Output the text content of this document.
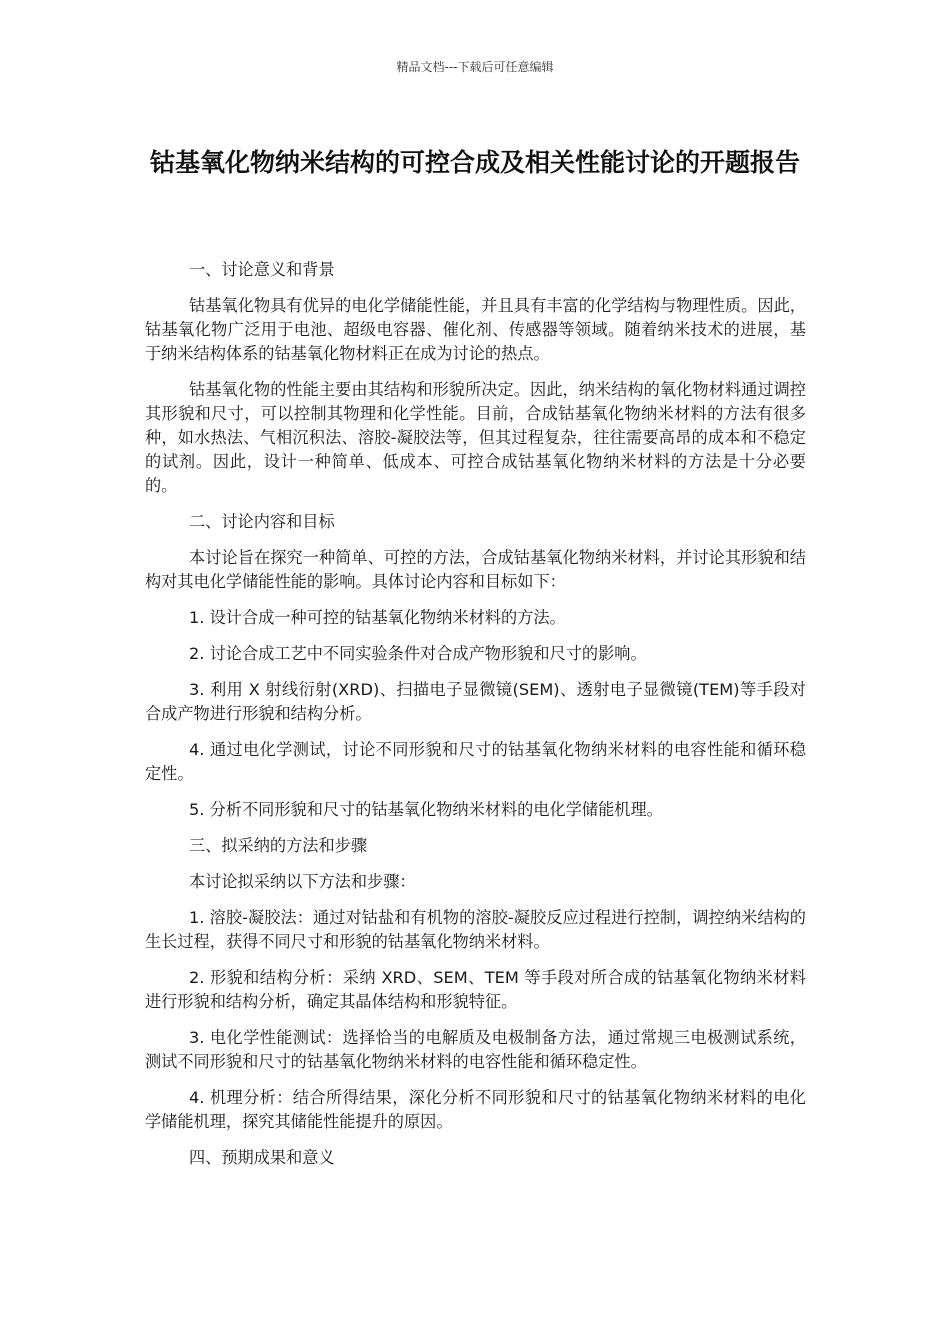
精品文档---下载后可任意编辑
钴基氧化物纳米结构的可控合成及相关性能讨论的开题报告

一、讨论意义和背景

钴基氧化物具有优异的电化学储能性能，并且具有丰富的化学结构与物理性质。因此，钴基氧化物广泛用于电池、超级电容器、催化剂、传感器等领域。随着纳米技术的进展，基于纳米结构体系的钴基氧化物材料正在成为讨论的热点。

钴基氧化物的性能主要由其结构和形貌所决定。因此，纳米结构的氧化物材料通过调控其形貌和尺寸，可以控制其物理和化学性能。目前，合成钴基氧化物纳米材料的方法有很多种，如水热法、气相沉积法、溶胶-凝胶法等，但其过程复杂，往往需要高昂的成本和不稳定的试剂。因此，设计一种简单、低成本、可控合成钴基氧化物纳米材料的方法是十分必要的。

二、讨论内容和目标

本讨论旨在探究一种简单、可控的方法，合成钴基氧化物纳米材料，并讨论其形貌和结构对其电化学储能性能的影响。具体讨论内容和目标如下：

1. 设计合成一种可控的钴基氧化物纳米材料的方法。

2. 讨论合成工艺中不同实验条件对合成产物形貌和尺寸的影响。

3. 利用 X 射线衍射(XRD)、扫描电子显微镜(SEM)、透射电子显微镜(TEM)等手段对合成产物进行形貌和结构分析。

4. 通过电化学测试，讨论不同形貌和尺寸的钴基氧化物纳米材料的电容性能和循环稳定性。

5. 分析不同形貌和尺寸的钴基氧化物纳米材料的电化学储能机理。

三、拟采纳的方法和步骤

本讨论拟采纳以下方法和步骤：

1. 溶胶-凝胶法：通过对钴盐和有机物的溶胶-凝胶反应过程进行控制，调控纳米结构的生长过程，获得不同尺寸和形貌的钴基氧化物纳米材料。

2. 形貌和结构分析：采纳 XRD、SEM、TEM 等手段对所合成的钴基氧化物纳米材料进行形貌和结构分析，确定其晶体结构和形貌特征。

3. 电化学性能测试：选择恰当的电解质及电极制备方法，通过常规三电极测试系统，测试不同形貌和尺寸的钴基氧化物纳米材料的电容性能和循环稳定性。

4. 机理分析：结合所得结果，深化分析不同形貌和尺寸的钴基氧化物纳米材料的电化学储能机理，探究其储能性能提升的原因。

四、预期成果和意义
